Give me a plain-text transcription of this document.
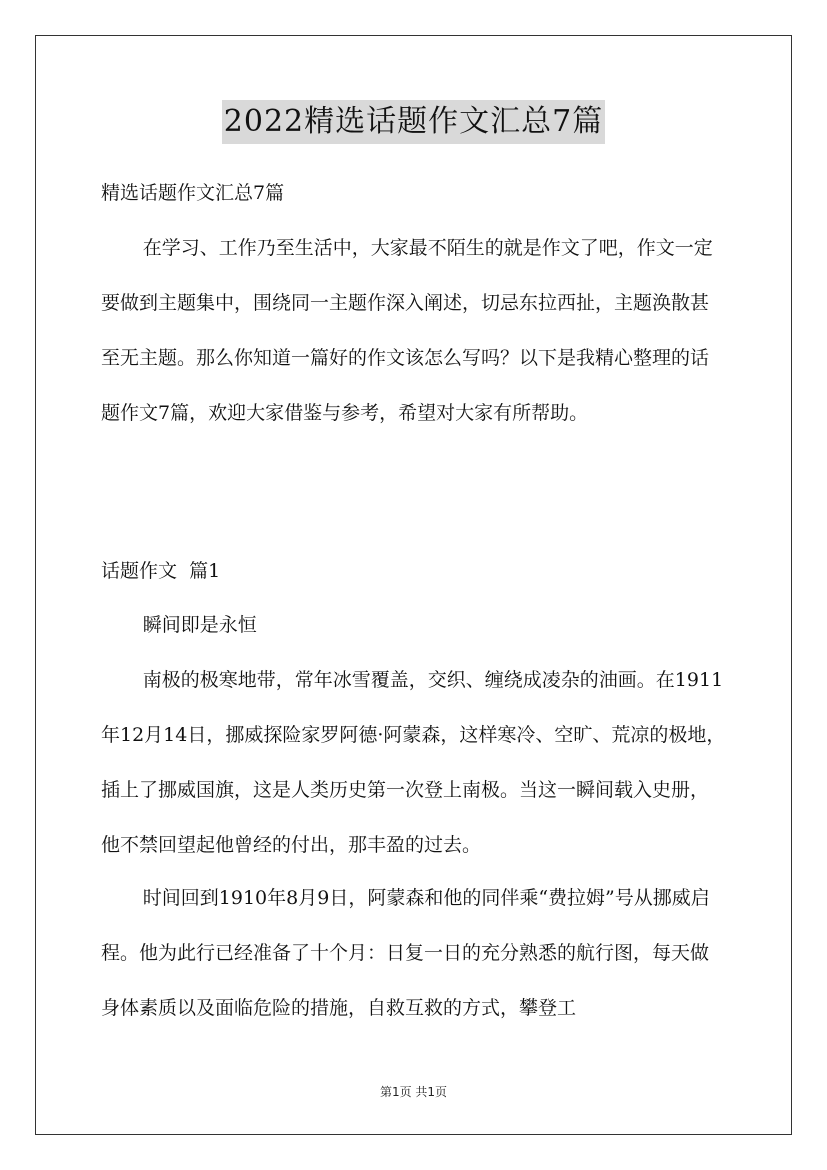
2022精选话题作文汇总7篇

精选话题作文汇总7篇

在学习、工作乃至生活中，大家最不陌生的就是作文了吧，作文一定要做到主题集中，围绕同一主题作深入阐述，切忌东拉西扯，主题涣散甚至无主题。那么你知道一篇好的作文该怎么写吗？以下是我精心整理的话题作文7篇，欢迎大家借鉴与参考，希望对大家有所帮助。

话题作文  篇1

瞬间即是永恒

南极的极寒地带，常年冰雪覆盖，交织、缠绕成凌杂的油画。在1911年12月14日，挪威探险家罗阿德·阿蒙森，这样寒冷、空旷、荒凉的极地，插上了挪威国旗，这是人类历史第一次登上南极。当这一瞬间载入史册，他不禁回望起他曾经的付出，那丰盈的过去。

时间回到1910年8月9日，阿蒙森和他的同伴乘“费拉姆”号从挪威启程。他为此行已经准备了十个月：日复一日的充分熟悉的航行图，每天做身体素质以及面临危险的措施，自救互救的方式，攀登工

第1页 共1页
